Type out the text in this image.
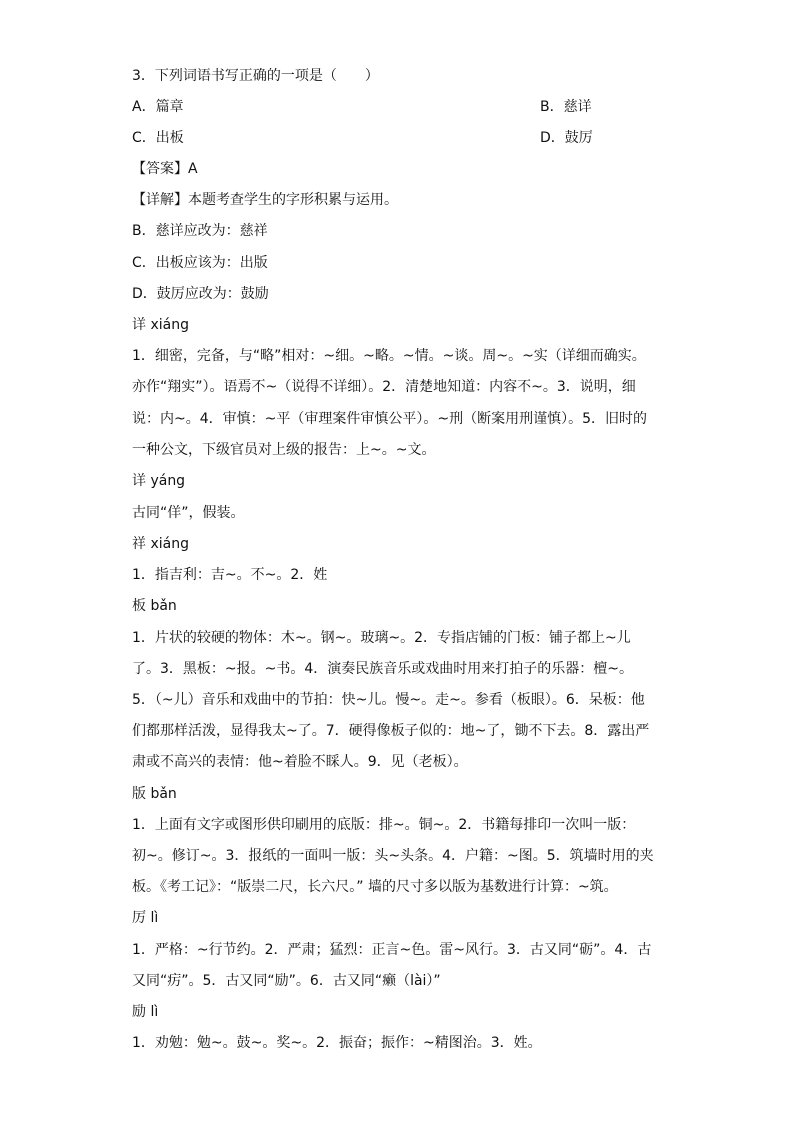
3．下列词语书写正确的一项是（　　）
A．篇章	B．慈详
C．出板	D．鼓厉
【答案】A
【详解】本题考查学生的字形积累与运用。
B．慈详应改为：慈祥
C．出板应该为：出版
D．鼓厉应改为：鼓励
详 xiáng
1．细密，完备，与“略”相对：~细。~略。~情。~谈。周~。~实（详细而确实。
亦作“翔实”）。语焉不~（说得不详细）。2．清楚地知道：内容不~。3．说明，细
说：内~。4．审慎：~平（审理案件审慎公平）。~刑（断案用刑谨慎）。5．旧时的
一种公文，下级官员对上级的报告：上~。~文。
详 yáng
古同“佯”，假装。
祥 xiáng
1．指吉利：吉~。不~。2．姓
板 bǎn
1．片状的较硬的物体：木~。钢~。玻璃~。2．专指店铺的门板：铺子都上~儿
了。3．黑板：~报。~书。4．演奏民族音乐或戏曲时用来打拍子的乐器：檀~。
5．（~儿）音乐和戏曲中的节拍：快~儿。慢~。走~。参看（板眼）。6．呆板：他
们都那样活泼，显得我太~了。7．硬得像板子似的：地~了，锄不下去。8．露出严
肃或不高兴的表情：他~着脸不睬人。9．见（老板）。
版 bǎn
1．上面有文字或图形供印刷用的底版：排~。铜~。2．书籍每排印一次叫一版：
初~。修订~。3．报纸的一面叫一版：头~头条。4．户籍：~图。5．筑墙时用的夹
板。《考工记》：“版崇二尺，长六尺。” 墙的尺寸多以版为基数进行计算：~筑。
厉 lì
1．严格：~行节约。2．严肃；猛烈：正言~色。雷~风行。3．古又同“砺”。4．古
又同“疠”。5．古又同“励”。6．古又同“癞（lài）”
励 lì
1．劝勉：勉~。鼓~。奖~。2．振奋；振作：~精图治。3．姓。
